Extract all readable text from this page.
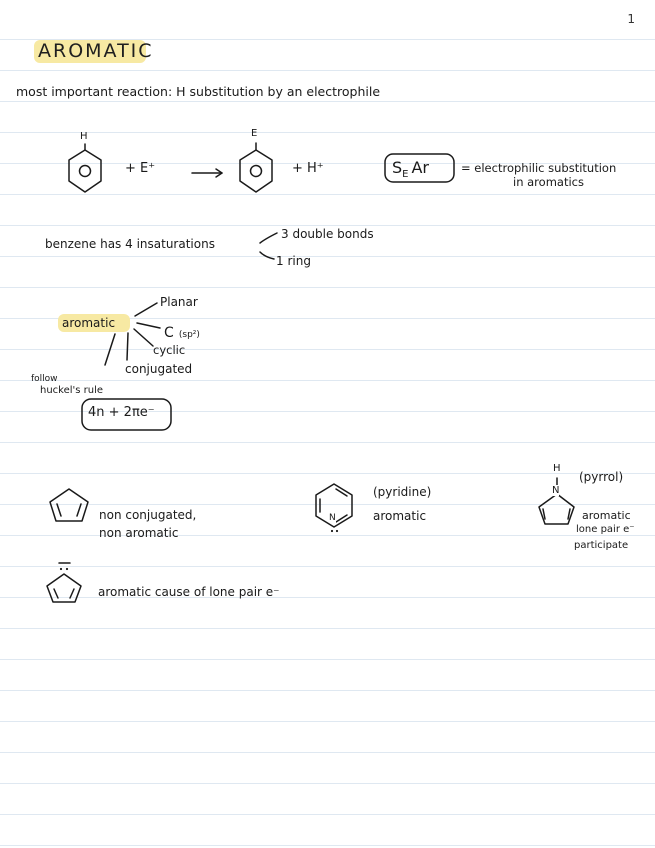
1
AROMATIC
most important reaction: H substitution by an electrophile
H
+ E⁺
E
+ H⁺	$S_E$ Ar	= electrophilic substitution
in aromatics
benzene has 4 insaturations
3 double bonds
1 ring
aromatic
Planar
C (sp²)
cyclic
conjugated
follow
huckel's rule
4n + 2πe⁻
non conjugated,
non aromatic
N
(pyridine)
aromatic
H
N
(pyrrol)
aromatic
lone pair e⁻
participate
aromatic cause of lone pair e⁻
